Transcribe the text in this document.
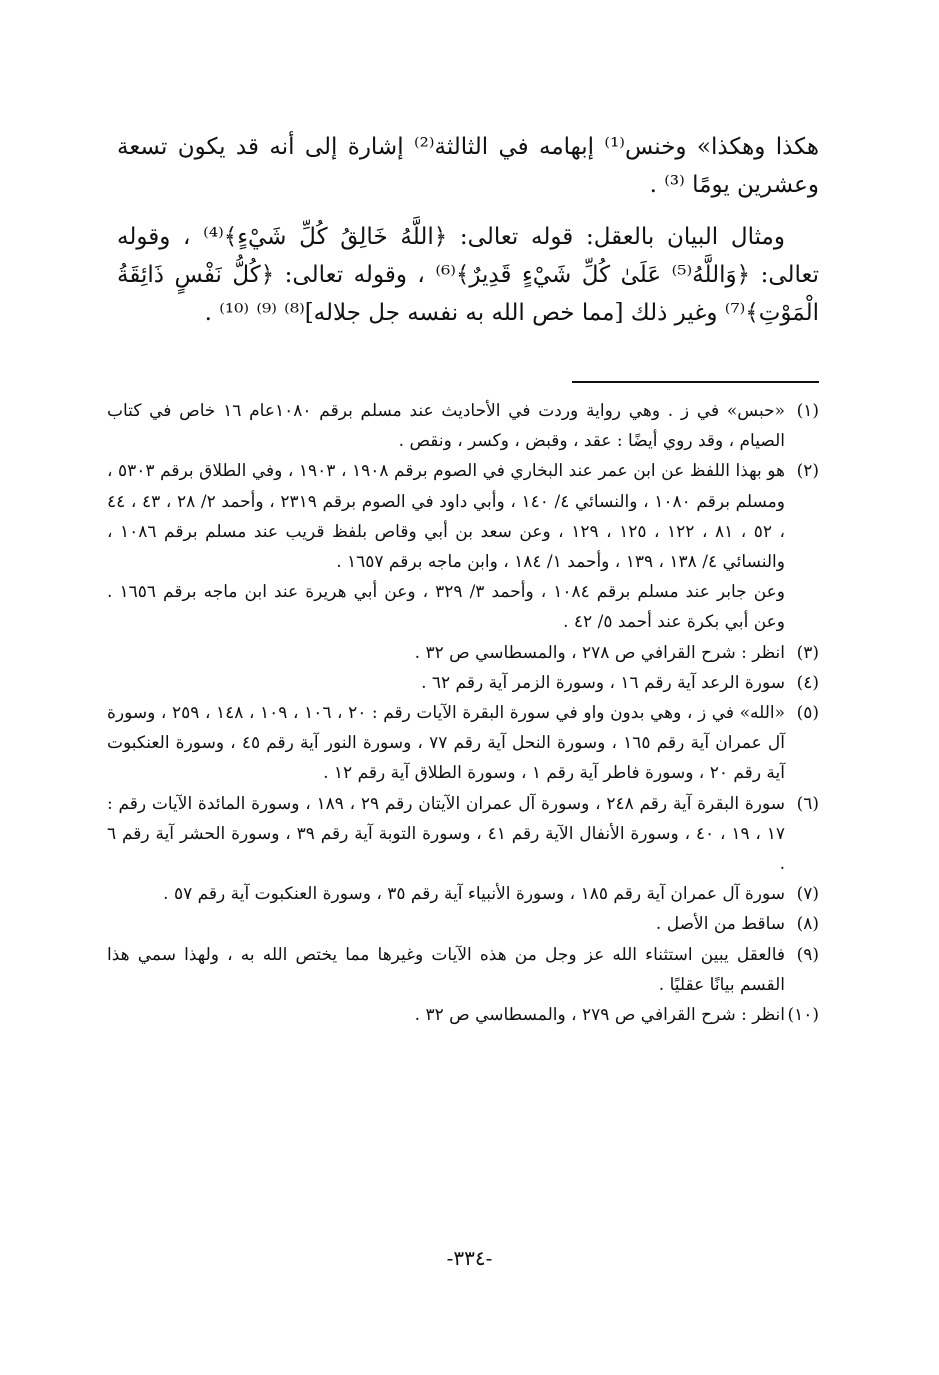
هكذا وهكذا» وخنس⁽¹⁾ إبهامه في الثالثة⁽²⁾ إشارة إلى أنه قد يكون تسعة وعشرين يومًا ⁽³⁾ .

ومثال البيان بالعقل: قوله تعالى: ﴿اللَّهُ خَالِقُ كُلِّ شَيْءٍ﴾⁽⁴⁾ ، وقوله تعالى: ﴿وَاللَّهُ⁽⁵⁾ عَلَىٰ كُلِّ شَيْءٍ قَدِيرٌ﴾⁽⁶⁾ ، وقوله تعالى: ﴿كُلُّ نَفْسٍ ذَائِقَةُ الْمَوْتِ﴾⁽⁷⁾ وغير ذلك [مما خص الله به نفسه جل جلاله]⁽⁸⁾ ⁽⁹⁾ ⁽¹⁰⁾ .

(١)
«حبس» في ز . وهي رواية وردت في الأحاديث عند مسلم برقم ١٠٨٠عام ١٦ خاص في كتاب الصيام ، وقد روي أيضًا : عقد ، وقبض ، وكسر ، ونقص .
(٢)
هو بهذا اللفظ عن ابن عمر عند البخاري في الصوم برقم ١٩٠٨ ، ١٩٠٣ ، وفي الطلاق برقم ٥٣٠٣ ، ومسلم برقم ١٠٨٠ ، والنسائي ٤/ ١٤٠ ، وأبي داود في الصوم برقم ٢٣١٩ ، وأحمد ٢/ ٢٨ ، ٤٣ ، ٤٤ ، ٥٢ ، ٨١ ، ١٢٢ ، ١٢٥ ، ١٢٩ ، وعن سعد بن أبي وقاص بلفظ قريب عند مسلم برقم ١٠٨٦ ، والنسائي ٤/ ١٣٨ ، ١٣٩ ، وأحمد ١/ ١٨٤ ، وابن ماجه برقم ١٦٥٧ .
وعن جابر عند مسلم برقم ١٠٨٤ ، وأحمد ٣/ ٣٢٩ ، وعن أبي هريرة عند ابن ماجه برقم ١٦٥٦ . وعن أبي بكرة عند أحمد ٥/ ٤٢ .
(٣)
انظر : شرح القرافي ص ٢٧٨ ، والمسطاسي ص ٣٢ .
(٤)
سورة الرعد آية رقم ١٦ ، وسورة الزمر آية رقم ٦٢ .
(٥)
«الله» في ز ، وهي بدون واو في سورة البقرة الآيات رقم : ٢٠ ، ١٠٦ ، ١٠٩ ، ١٤٨ ، ٢٥٩ ، وسورة آل عمران آية رقم ١٦٥ ، وسورة النحل آية رقم ٧٧ ، وسورة النور آية رقم ٤٥ ، وسورة العنكبوت آية رقم ٢٠ ، وسورة فاطر آية رقم ١ ، وسورة الطلاق آية رقم ١٢ .
(٦)
سورة البقرة آية رقم ٢٤٨ ، وسورة آل عمران الآيتان رقم ٢٩ ، ١٨٩ ، وسورة المائدة الآيات رقم : ١٧ ، ١٩ ، ٤٠ ، وسورة الأنفال الآية رقم ٤١ ، وسورة التوبة آية رقم ٣٩ ، وسورة الحشر آية رقم ٦ .
(٧)
سورة آل عمران آية رقم ١٨٥ ، وسورة الأنبياء آية رقم ٣٥ ، وسورة العنكبوت آية رقم ٥٧ .
(٨)
ساقط من الأصل .
(٩)
فالعقل يبين استثناء الله عز وجل من هذه الآيات وغيرها مما يختص الله به ، ولهذا سمي هذا القسم بيانًا عقليًا .
(١٠)
انظر : شرح القرافي ص ٢٧٩ ، والمسطاسي ص ٣٢ .
-٣٣٤-
